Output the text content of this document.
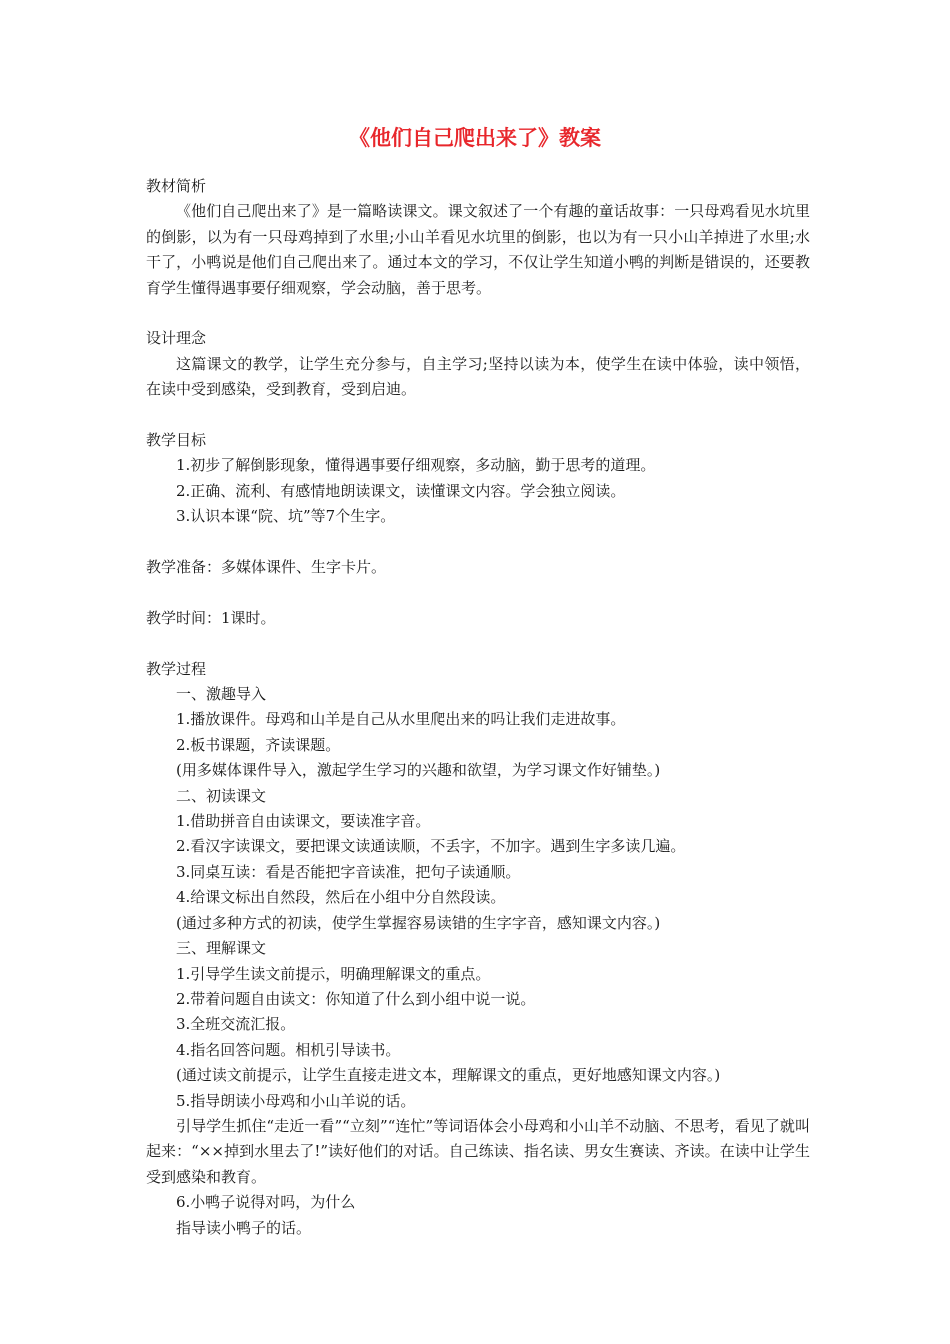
《他们自己爬出来了》教案

教材简析

《他们自己爬出来了》是一篇略读课文。课文叙述了一个有趣的童话故事：一只母鸡看见水坑里的倒影，以为有一只母鸡掉到了水里;小山羊看见水坑里的倒影，也以为有一只小山羊掉进了水里;水干了，小鸭说是他们自己爬出来了。通过本文的学习，不仅让学生知道小鸭的判断是错误的，还要教育学生懂得遇事要仔细观察，学会动脑，善于思考。

设计理念

这篇课文的教学，让学生充分参与，自主学习;坚持以读为本，使学生在读中体验，读中领悟，在读中受到感染，受到教育，受到启迪。

教学目标

1.初步了解倒影现象，懂得遇事要仔细观察，多动脑，勤于思考的道理。

2.正确、流利、有感情地朗读课文，读懂课文内容。学会独立阅读。

3.认识本课“院、坑”等7个生字。

教学准备：多媒体课件、生字卡片。

教学时间：1课时。

教学过程

一、激趣导入

1.播放课件。母鸡和山羊是自己从水里爬出来的吗让我们走进故事。

2.板书课题，齐读课题。

(用多媒体课件导入，激起学生学习的兴趣和欲望，为学习课文作好铺垫。)

二、初读课文

1.借助拼音自由读课文，要读准字音。

2.看汉字读课文，要把课文读通读顺，不丢字，不加字。遇到生字多读几遍。

3.同桌互读：看是否能把字音读准，把句子读通顺。

4.给课文标出自然段，然后在小组中分自然段读。

(通过多种方式的初读，使学生掌握容易读错的生字字音，感知课文内容。)

三、理解课文

1.引导学生读文前提示，明确理解课文的重点。

2.带着问题自由读文：你知道了什么到小组中说一说。

3.全班交流汇报。

4.指名回答问题。相机引导读书。

(通过读文前提示，让学生直接走进文本，理解课文的重点，更好地感知课文内容。)

5.指导朗读小母鸡和小山羊说的话。

引导学生抓住“走近一看”“立刻”“连忙”等词语体会小母鸡和小山羊不动脑、不思考，看见了就叫起来：“××掉到水里去了!”读好他们的对话。自己练读、指名读、男女生赛读、齐读。在读中让学生受到感染和教育。

6.小鸭子说得对吗，为什么

指导读小鸭子的话。
